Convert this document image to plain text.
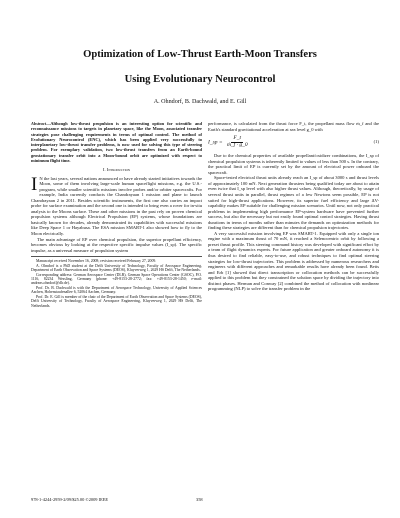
Optimization of Low-Thrust Earth-Moon Transfers
Using Evolutionary Neurocontrol
A. Ohndorf, B. Dachwald, and E. Gill
Abstract—Although low-thrust propulsion is an interesting option for scientific and reconnaissance missions to targets in planetary space, like the Moon, associated transfer strategies pose challenging requirements in terms of optimal control. The method of Evolutionary Neurocontrol (ENC), which has been applied very successfully to interplanetary low-thrust transfer problems, is now used for solving this type of steering problem. For exemplary validation, two low-thrust transfers from an Earth-bound geostationary transfer orbit into a Moon-bound orbit are optimized with respect to minimum flight time.
I. Introduction

I N the last years, several nations announced or have already started initiatives towards the Moon, some of them involving large-scale human spaceflight missions, e.g. the U.S.-program, while smaller scientific missions involve probes and/or orbiter spacecrafts. For example, India currently conducts the Chandrayaan 1 mission and plane to launch Chandrayaan 2 in 2011. Besides scientific instruments, the first one also carries an impact probe for surface examination and the second one is intended to bring even a rover for in-situ analysis to the Moons surface. These and other missions in the past rely on proven chemical propulsion systems although Electrical Propulsion (EP) systems, whose foundations are basically known for decades, already demonstrated its capabilities with successful missions like Deep Space 1 or Hayabusa. The ESA mission SMART-1 also showed how to fly to the Moon electrically.

The main advantage of EP over chemical propulsion, the superior propellant efficiency, becomes obvious by looking at the respective specific impulse values (I_sp). The specific impulse, as a universal measure of propulsion system

Manuscript received November 16, 2008; revision received February 27, 2009.

A. Ohndorf is a PhD student at the Delft University of Technology, Faculty of Aerospace Engineering, Department of Earth Observation and Space Systems (DEOS), Kluyverweg 1, 2629 HS Delft, The Netherlands.

Corresponding address: German Aerospace Center (DLR), German Space Operations Center (GSOC), P.O. 1116, 82234 Wessling, Germany (phone: +49-8153-28-2772; fax: +49-8153-28-1450; e-mail: andreas.ohndorf@dlr.de).

Prof. Dr. B. Dachwald is with the Department of Aerospace Technology, University of Applied Sciences Aachen, Hohenstaufenallee 6, 52064 Aachen, Germany.

Prof. Dr. E. Gill is member of the chair of the Department of Earth Observation and Space Systems (DEOS), Delft University of Technology, Faculty of Aerospace Engineering, Kluyverweg 1, 2629 HS Delft, The Netherlands.

performance, is calculated from the thrust force F_t, the propellant mass flow ṁ_f and the Earth's standard gravitational acceleration at sea level g_0 with

I_sp = $\frac{F\_t}{\text{ṁ\_f · g\_0}}$	(1)

Due to the chemical properties of available propellant/oxidizer combinations, the I_sp of chemical propulsion systems is inherently limited to values of less than 500 s. In the contrary, the practical limit of EP is currently set by the amount of electrical power onboard the spacecraft.

Space-tested electrical thrust units already reach an I_sp of about 3000 s and thrust levels of approximately 100 mN. Next generation thrusters being qualified today are about to attain even twice that I_sp level with also higher thrust values. Although, theoretically, by usage of several thrust units in parallel, thrust regimes of a few Newtons seem possible, EP is not suited for high-thrust applications. However, its superior fuel efficiency and large ΔV-capability makes EP suitable for challenging mission scenarios. Until now, not only practical problems in implementing high performance EP-system hardware have prevented further success, but also the necessary but not easily found optimal control strategies. Having thrust durations in terms of months rather than minutes the demands on optimization methods for finding these strategies are different than for chemical propulsion trajectories.

A very successful mission involving EP was SMART-1. Equipped with only a single ion engine with a maximum thrust of 70 mN, it reached a Selenocentric orbit by following a preset thrust profile. This steering command history was developed with significant effort by a team of flight dynamics experts. For future application and greater onboard autonomy it is thus desired to find reliable, easy-to-use, and robust techniques to find optimal steering strategies for low-thrust trajectories. This problem is addressed by numerous researchers and engineers with different approaches and remarkable results have already been found. Betts and Erb [1] showed that direct transcription or collocation methods can be successfully applied to this problem but they constrained the solution space by dividing the trajectory into distinct phases. Herman and Conway [2] combined the method of collocation with nonlinear programming (NLP) to solve the transfer problem in the

978-1-4244-2959-2/09/$25.00 ©2009 IEEE	358
